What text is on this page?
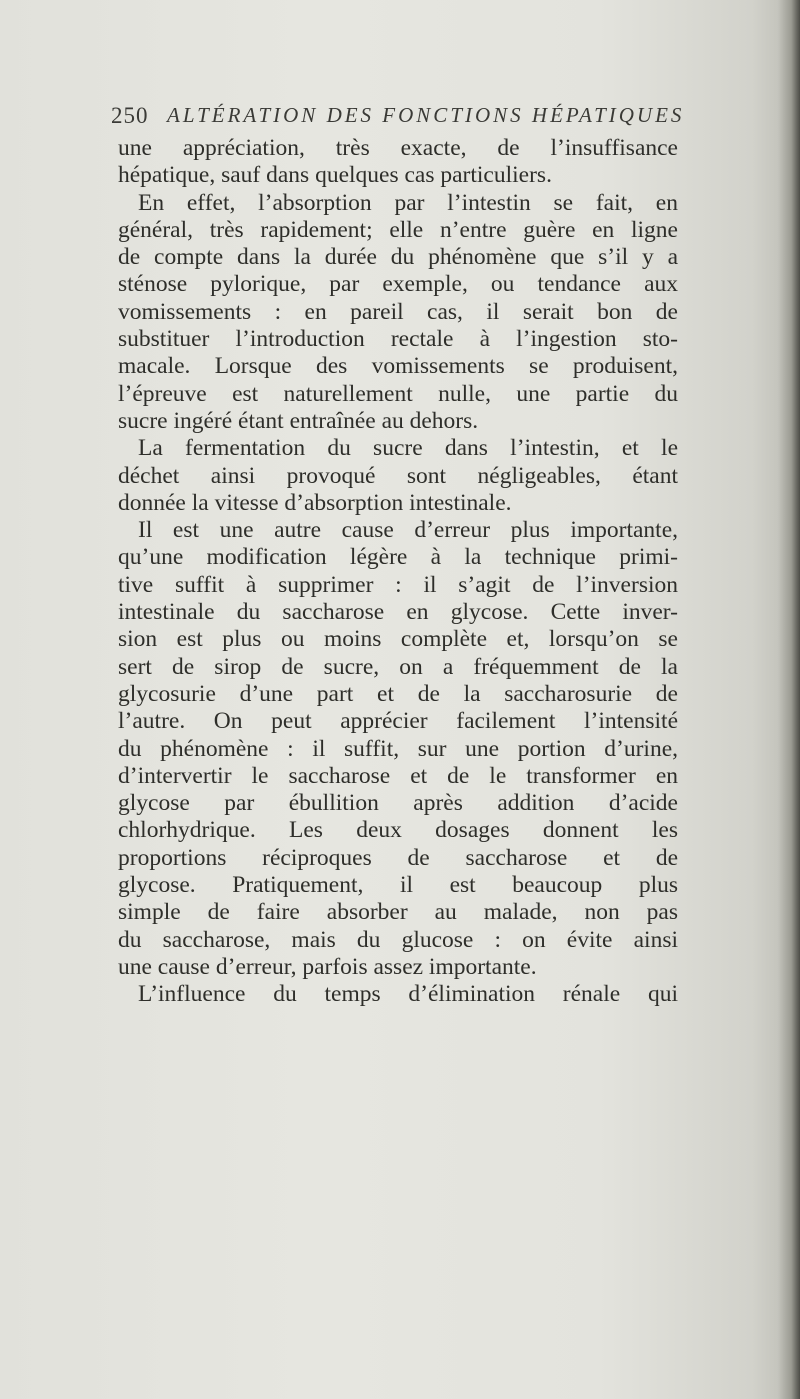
250 ALTÉRATION DES FONCTIONS HÉPATIQUES
une appréciation, très exacte, de l’insuffisance
hépatique, sauf dans quelques cas particuliers.
En effet, l’absorption par l’intestin se fait, en
général, très rapidement; elle n’entre guère en ligne
de compte dans la durée du phénomène que s’il y a
sténose pylorique, par exemple, ou tendance aux
vomissements : en pareil cas, il serait bon de
substituer l’introduction rectale à l’ingestion sto-
macale. Lorsque des vomissements se produisent,
l’épreuve est naturellement nulle, une partie du
sucre ingéré étant entraînée au dehors.
La fermentation du sucre dans l’intestin, et le
déchet ainsi provoqué sont négligeables, étant
donnée la vitesse d’absorption intestinale.
Il est une autre cause d’erreur plus importante,
qu’une modification légère à la technique primi-
tive suffit à supprimer : il s’agit de l’inversion
intestinale du saccharose en glycose. Cette inver-
sion est plus ou moins complète et, lorsqu’on se
sert de sirop de sucre, on a fréquemment de la
glycosurie d’une part et de la saccharosurie de
l’autre. On peut apprécier facilement l’intensité
du phénomène : il suffit, sur une portion d’urine,
d’intervertir le saccharose et de le transformer en
glycose par ébullition après addition d’acide
chlorhydrique. Les deux dosages donnent les
proportions réciproques de saccharose et de
glycose. Pratiquement, il est beaucoup plus
simple de faire absorber au malade, non pas
du saccharose, mais du glucose : on évite ainsi
une cause d’erreur, parfois assez importante.
L’influence du temps d’élimination rénale qui
